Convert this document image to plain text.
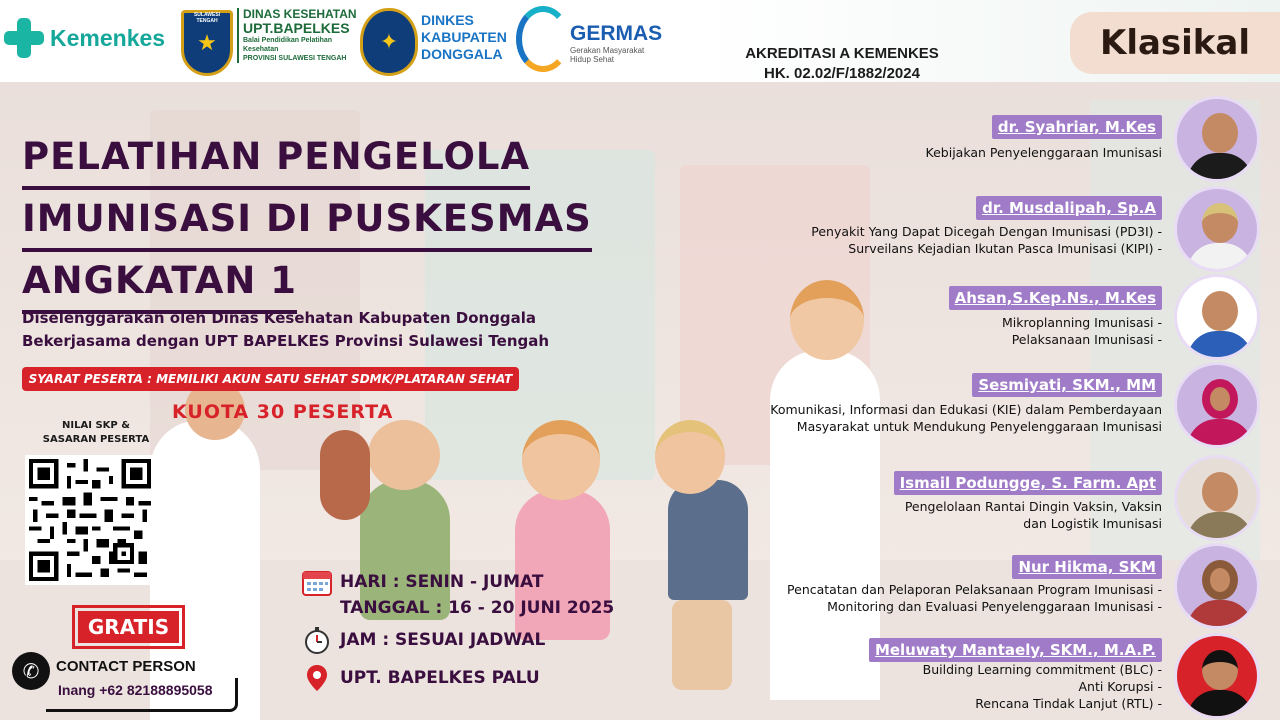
Kemenkes ★
SULAWESI TENGAH	DINAS KESEHATAN
UPT.BAPELKES
Balai Pendidikan Pelatihan Kesehatan
PROVINSI SULAWESI TENGAH
✦
DINKES
KABUPATEN
DONGGALA
GERMAS
Gerakan Masyarakat
Hidup Sehat	AKREDITASI A KEMENKES
HK. 02.02/F/1882/2024
Klasikal
PELATIHAN PENGELOLA
IMUNISASI DI PUSKESMAS
ANGKATAN 1
Diselenggarakan oleh Dinas Kesehatan Kabupaten Donggala
Bekerjasama dengan UPT BAPELKES Provinsi Sulawesi Tengah
SYARAT PESERTA : MEMILIKI AKUN SATU SEHAT SDMK/PLATARAN SEHAT
KUOTA 30 PESERTA
NILAI SKP &
SASARAN PESERTA
GRATIS
✆	CONTACT PERSON
Inang +62 82188895058
HARI : SENIN - JUMAT
TANGGAL : 16 - 20 JUNI 2025
JAM : SESUAI JADWAL
UPT. BAPELKES PALU
dr. Syahriar, M.Kes
Kebijakan Penyelenggaraan Imunisasi
dr. Musdalipah, Sp.A
Penyakit Yang Dapat Dicegah Dengan Imunisasi (PD3I) -
Surveilans Kejadian Ikutan Pasca Imunisasi (KIPI) -
Ahsan,S.Kep.Ns., M.Kes
Mikroplanning Imunisasi -
Pelaksanaan Imunisasi -
Sesmiyati, SKM., MM
Komunikasi, Informasi dan Edukasi (KIE) dalam Pemberdayaan
Masyarakat untuk Mendukung Penyelenggaraan Imunisasi
Ismail Podungge, S. Farm. Apt
Pengelolaan Rantai Dingin Vaksin, Vaksin
dan Logistik Imunisasi
Nur Hikma, SKM
Pencatatan dan Pelaporan Pelaksanaan Program Imunisasi -
Monitoring dan Evaluasi Penyelenggaraan Imunisasi -
Meluwaty Mantaely, SKM., M.A.P.
Building Learning commitment (BLC) -
Anti Korupsi -
Rencana Tindak Lanjut (RTL) -
